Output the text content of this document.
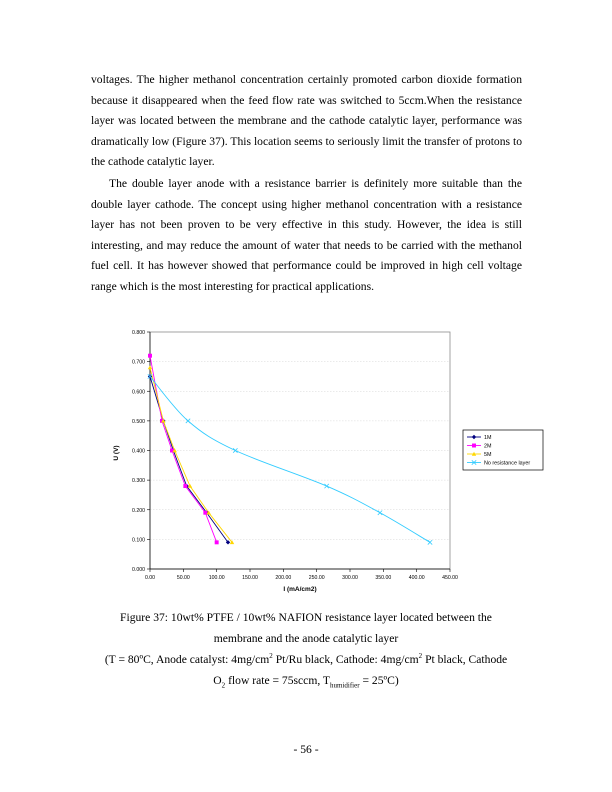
voltages. The higher methanol concentration certainly promoted carbon dioxide formation because it disappeared when the feed flow rate was switched to 5ccm.When the resistance layer was located between the membrane and the cathode catalytic layer, performance was dramatically low (Figure 37). This location seems to seriously limit the transfer of protons to the cathode catalytic layer.

The double layer anode with a resistance barrier is definitely more suitable than the double layer cathode. The concept using higher methanol concentration with a resistance layer has not been proven to be very effective in this study. However, the idea is still interesting, and may reduce the amount of water that needs to be carried with the methanol fuel cell. It has however showed that performance could be improved in high cell voltage range which is the most interesting for practical applications.

0.000
0.100
0.200
0.300
0.400
0.500
0.600
0.700
0.800
0.00	50.00	100.00	150.00	200.00	250.00	300.00	350.00	400.00	450.00
1M
2M
5M
No resistance layer
I (mA/cm2)
U (V)

Figure 37: 10wt% PTFE / 10wt% NAFION resistance layer located between the

membrane and the anode catalytic layer

(T = 80ºC, Anode catalyst: $4mg/cm^2$ Pt/Ru black, Cathode: $4mg/cm^2$ Pt black, Cathode

$O_2$ flow rate = 75sccm, $T_{humidifier}$ = 25ºC)

- 56 -
